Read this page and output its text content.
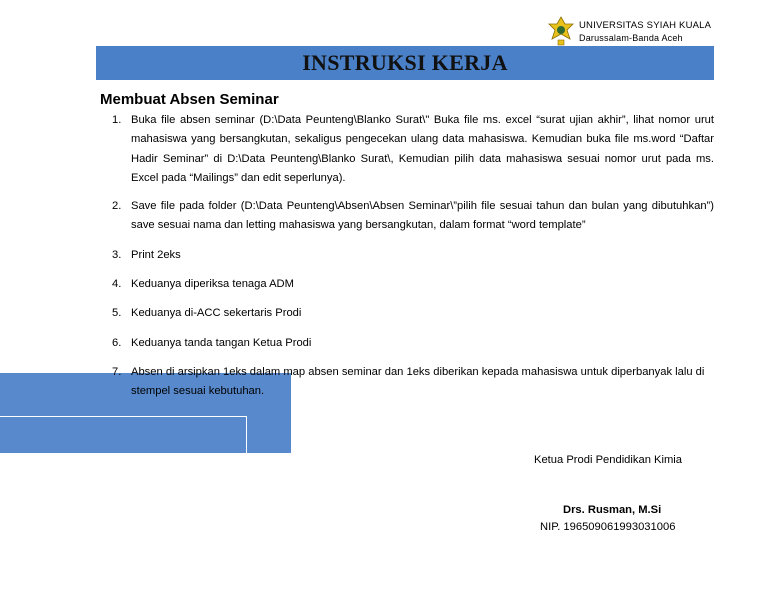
UNIVERSITAS SYIAH KUALA
Darussalam-Banda Aceh
INSTRUKSI KERJA
Membuat Absen Seminar
1. Buka file absen seminar (D:\Data Peunteng\Blanko Surat\" Buka file ms. excel “surat ujian akhir”, lihat nomor urut mahasiswa yang bersangkutan, sekaligus pengecekan ulang data mahasiswa. Kemudian buka file ms.word “Daftar Hadir Seminar” di D:\Data Peunteng\Blanko Surat\, Kemudian pilih data mahasiswa sesuai nomor urut pada ms. Excel pada “Mailings” dan edit seperlunya).
2. Save file pada folder (D:\Data Peunteng\Absen\Absen Seminar\”pilih file sesuai tahun dan bulan yang dibutuhkan”) save sesuai nama dan letting mahasiswa yang bersangkutan, dalam format “word template”
3. Print 2eks
4. Keduanya diperiksa tenaga ADM
5. Keduanya di-ACC sekertaris Prodi
6. Keduanya tanda tangan Ketua Prodi
7. Absen di arsipkan 1eks dalam map absen seminar dan 1eks diberikan kepada mahasiswa untuk diperbanyak lalu di stempel sesuai kebutuhan.
Ketua Prodi Pendidikan Kimia
Drs. Rusman, M.Si
NIP. 196509061993031006
